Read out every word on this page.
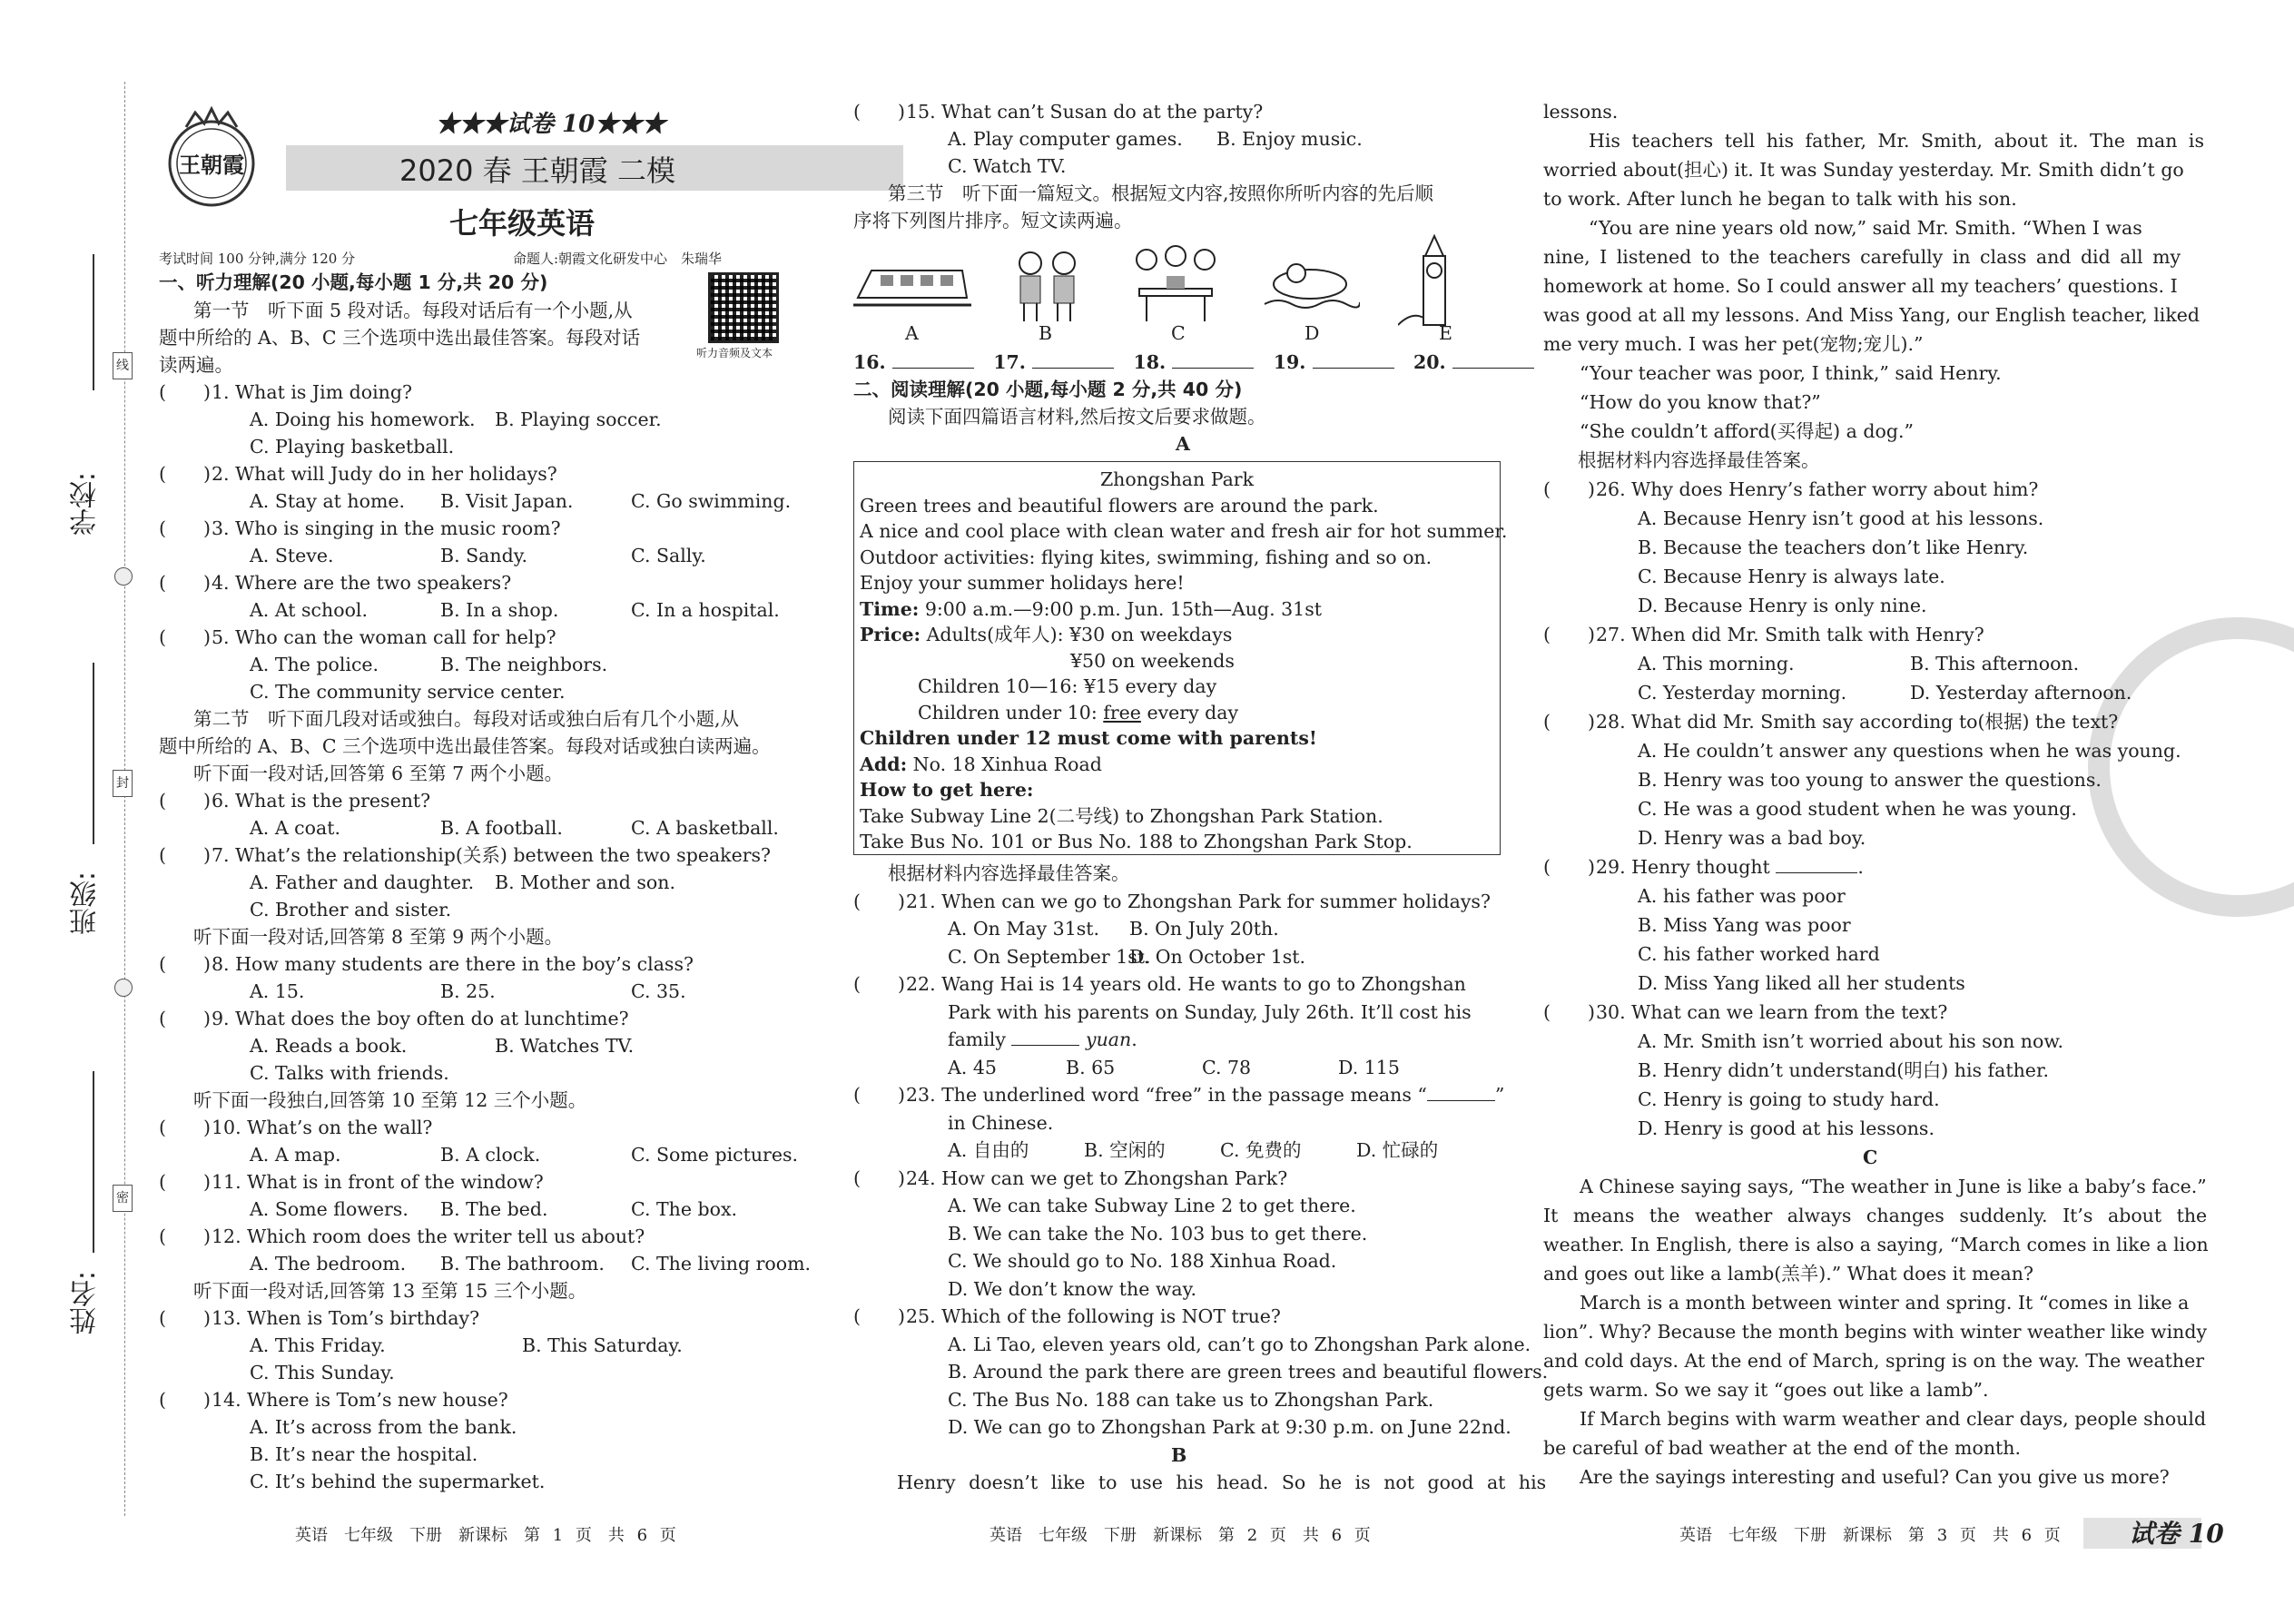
学校:
班级:
姓名:
线
封
密
王朝霞
★★★试卷 10★★★
2020 春 王朝霞 二模
七年级英语
考试时间 100 分钟,满分 120 分	命题人:朝霞文化研发中心　朱瑞华
听力音频及文本
一、听力理解(20 小题,每小题 1 分,共 20 分)
第一节　听下面 5 段对话。每段对话后有一个小题,从
题中所给的 A、B、C 三个选项中选出最佳答案。每段对话
读两遍。
(　　)1. What is Jim doing?
A. Doing his homework. B. Playing soccer.
C. Playing basketball.
(　　)2. What will Judy do in her holidays?
A. Stay at home. B. Visit Japan.	C. Go swimming.
(　　)3. Who is singing in the music room?
A. Steve.	B. Sandy.	C. Sally.
(　　)4. Where are the two speakers?
A. At school.	B. In a shop.	C. In a hospital.
(　　)5. Who can the woman call for help?
A. The police.	B. The neighbors.
C. The community service center.
第二节　听下面几段对话或独白。每段对话或独白后有几个小题,从
题中所给的 A、B、C 三个选项中选出最佳答案。每段对话或独白读两遍。
听下面一段对话,回答第 6 至第 7 两个小题。
(　　)6. What is the present?
A. A coat.	B. A football.	C. A basketball.
(　　)7. What’s the relationship(关系) between the two speakers?
A. Father and daughter. B. Mother and son.
C. Brother and sister.
听下面一段对话,回答第 8 至第 9 两个小题。
(　　)8. How many students are there in the boy’s class?
A. 15.	B. 25.	C. 35.
(　　)9. What does the boy often do at lunchtime?
A. Reads a book.	B. Watches TV.
C. Talks with friends.
听下面一段独白,回答第 10 至第 12 三个小题。
(　　)10. What’s on the wall?
A. A map.	B. A clock.	C. Some pictures.
(　　)11. What is in front of the window?
A. Some flowers. B. The bed.	C. The box.
(　　)12. Which room does the writer tell us about?
A. The bedroom. B. The bathroom. C. The living room.
听下面一段对话,回答第 13 至第 15 三个小题。
(　　)13. When is Tom’s birthday?
A. This Friday.	B. This Saturday.
C. This Sunday.
(　　)14. Where is Tom’s new house?
A. It’s across from the bank.
B. It’s near the hospital.
C. It’s behind the supermarket.
英语　七年级　下册　新课标　第 1 页　共 6 页
(　　)15. What can’t Susan do at the party?
A. Play computer games. B. Enjoy music.
C. Watch TV.
第三节　听下面一篇短文。根据短文内容,按照你所听内容的先后顺
序将下列图片排序。短文读两遍。
A	B	C	D	E
16.	17.	18.	19.	20.
二、阅读理解(20 小题,每小题 2 分,共 40 分)
阅读下面四篇语言材料,然后按文后要求做题。
A
Zhongshan Park
Green trees and beautiful flowers are around the park.
A nice and cool place with clean water and fresh air for hot summer.
Outdoor activities: flying kites, swimming, fishing and so on.
Enjoy your summer holidays here!
Time: 9:00 a.m.—9:00 p.m. Jun. 15th—Aug. 31st
Price: Adults(成年人): ¥30 on weekdays
¥50 on weekends
Children 10—16: ¥15 every day
Children under 10: free every day
Children under 12 must come with parents!
Add: No. 18 Xinhua Road
How to get here:
Take Subway Line 2(二号线) to Zhongshan Park Station.
Take Bus No. 101 or Bus No. 188 to Zhongshan Park Stop.
根据材料内容选择最佳答案。
(　　)21. When can we go to Zhongshan Park for summer holidays?
A. On May 31st. B. On July 20th.
C. On September 1st.D. On October 1st.
(　　)22. Wang Hai is 14 years old. He wants to go to Zhongshan
Park with his parents on Sunday, July 26th. It’ll cost his
family	yuan.
A. 45	B. 65	C. 78	D. 115
(　　)23. The underlined word “free” in the passage means “	”
in Chinese.
A. 自由的	B. 空闲的	C. 免费的	D. 忙碌的
(　　)24. How can we get to Zhongshan Park?
A. We can take Subway Line 2 to get there.
B. We can take the No. 103 bus to get there.
C. We should go to No. 188 Xinhua Road.
D. We don’t know the way.
(　　)25. Which of the following is NOT true?
A. Li Tao, eleven years old, can’t go to Zhongshan Park alone.
B. Around the park there are green trees and beautiful flowers.
C. The Bus No. 188 can take us to Zhongshan Park.
D. We can go to Zhongshan Park at 9:30 p.m. on June 22nd.
B
Henry doesn’t like to use his head. So he is not good at his
英语　七年级　下册　新课标　第 2 页　共 6 页
lessons.
His teachers tell his father, Mr. Smith, about it. The man is
worried about(担心) it. It was Sunday yesterday. Mr. Smith didn’t go
to work. After lunch he began to talk with his son.
“You are nine years old now,” said Mr. Smith. “When I was
nine, I listened to the teachers carefully in class and did all my
homework at home. So I could answer all my teachers’ questions. I
was good at all my lessons. And Miss Yang, our English teacher, liked
me very much. I was her pet(宠物;宠儿).”
“Your teacher was poor, I think,” said Henry.
“How do you know that?”
“She couldn’t afford(买得起) a dog.”
根据材料内容选择最佳答案。
(　　)26. Why does Henry’s father worry about him?
A. Because Henry isn’t good at his lessons.
B. Because the teachers don’t like Henry.
C. Because Henry is always late.
D. Because Henry is only nine.
(　　)27. When did Mr. Smith talk with Henry?
A. This morning.	B. This afternoon.
C. Yesterday morning.	D. Yesterday afternoon.
(　　)28. What did Mr. Smith say according to(根据) the text?
A. He couldn’t answer any questions when he was young.
B. Henry was too young to answer the questions.
C. He was a good student when he was young.
D. Henry was a bad boy.
(　　)29. Henry thought	.
A. his father was poor
B. Miss Yang was poor
C. his father worked hard
D. Miss Yang liked all her students
(　　)30. What can we learn from the text?
A. Mr. Smith isn’t worried about his son now.
B. Henry didn’t understand(明白) his father.
C. Henry is going to study hard.
D. Henry is good at his lessons.
C
A Chinese saying says, “The weather in June is like a baby’s face.”
It means the weather always changes suddenly. It’s about the
weather. In English, there is also a saying, “March comes in like a lion
and goes out like a lamb(羔羊).” What does it mean?
March is a month between winter and spring. It “comes in like a
lion”. Why? Because the month begins with winter weather like windy
and cold days. At the end of March, spring is on the way. The weather
gets warm. So we say it “goes out like a lamb”.
If March begins with warm weather and clear days, people should
be careful of bad weather at the end of the month.
Are the sayings interesting and useful? Can you give us more?
英语　七年级　下册　新课标　第 3 页　共 6 页	试卷 10
